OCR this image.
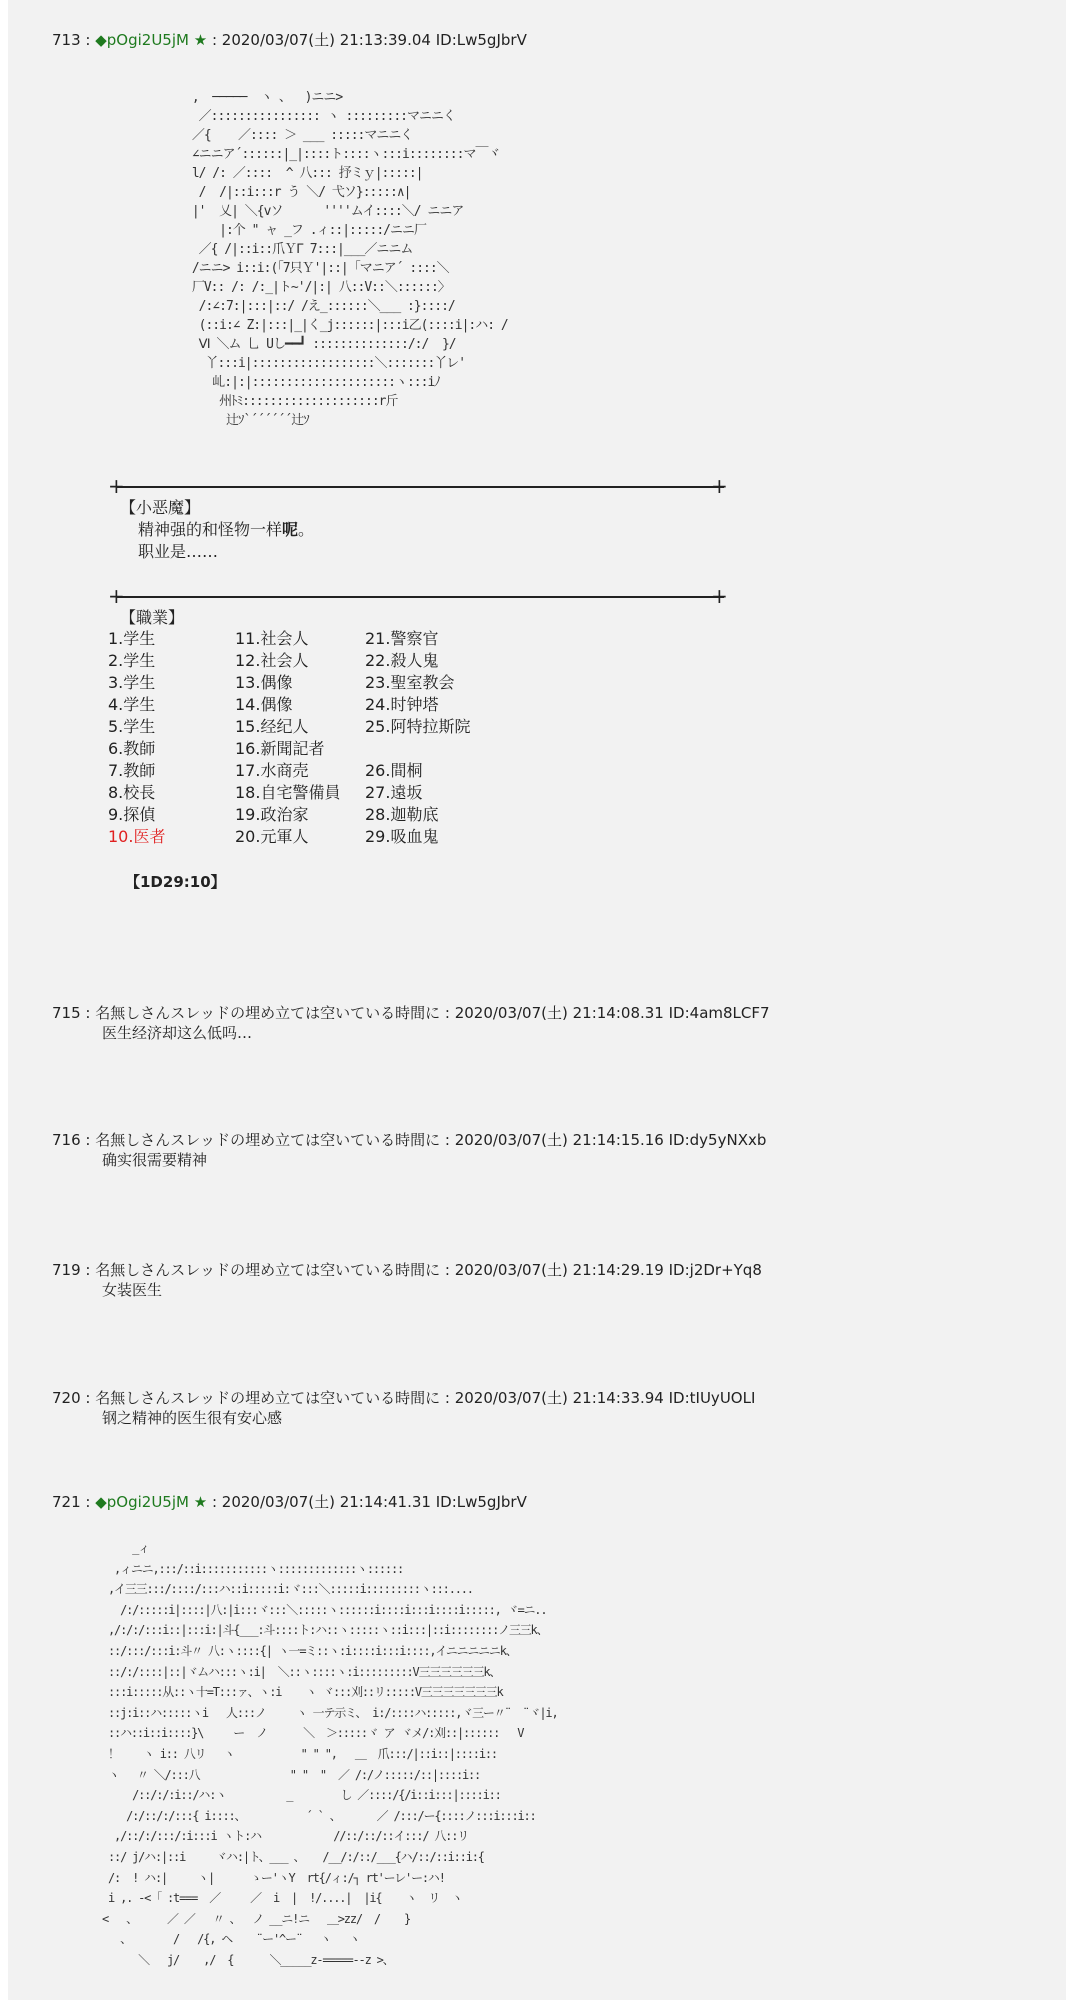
713 : ◆pOgi2U5jM ★ : 2020/03/07(土) 21:13:39.04 ID:Lw5gJbrV
,  ─────  ヽ 、  )ニニ>
／:::::::::::::::: ヽ :::::::::マニニく
／{    ／:::: ＞ ___ :::::マニニく
∠ニニア´::::::|_|::::ト::::ヽ:::i::::::::マ￣ヾ
l/ /: ／::::  ^ 八::: 抒ミｙ|:::::|
/  /|::i:::r う ＼/ 弋ソ}:::::∧|
|'  乂| ＼{vソ      ''''ムイ::::＼/ ニニア
|:个 " ャ _フ .ィ::|:::::/ニニ厂
／{ /|::i::爪ＹΓ 7:::|___／ニニム
/ニニ> i::i:(「7只Ｙ'|::|「マニア´ ::::＼
厂V:: /: /:_|ト~'/|:| 八::V::＼::::::〉
/:∠:7:|:::|::/ /え_::::::＼___ :}::::/
(::i:∠ Z:|:::|_|く_j::::::|:::i乙(::::i|:ハ: /
Ⅵ ＼ム 乚 Uし━━┛ ::::::::::::::/:/  }/
丫:::i|::::::::::::::::::＼:::::::丫レ'
乢:|:|:::::::::::::::::::::ヽ:::iﾉ
州ﾄﾐ::::::::::::::::::::r斤
辻ｿ`´´´´´´辻ｿ
+	+
【小恶魔】
精神强的和怪物一样呢。
职业是……
+	+
【職業】
1.学生	11.社会人	21.警察官
2.学生	12.社会人	22.殺人鬼
3.学生	13.偶像	23.聖室教会
4.学生	14.偶像	24.时钟塔
5.学生	15.经纪人	25.阿特拉斯院
6.教師	16.新聞記者
7.教師	17.水商売	26.間桐
8.校長	18.自宅警備員	27.遠坂
9.探偵	19.政治家	28.迦勒底
10.医者	20.元軍人	29.吸血鬼
【1D29:10】
715 : 名無しさんスレッドの埋め立ては空いている時間に : 2020/03/07(土) 21:14:08.31 ID:4am8LCF7
医生经济却这么低吗…
716 : 名無しさんスレッドの埋め立ては空いている時間に : 2020/03/07(土) 21:14:15.16 ID:dy5yNXxb
确实很需要精神
719 : 名無しさんスレッドの埋め立ては空いている時間に : 2020/03/07(土) 21:14:29.19 ID:j2Dr+Yq8
女装医生
720 : 名無しさんスレッドの埋め立ては空いている時間に : 2020/03/07(土) 21:14:33.94 ID:tIUyUOLI
钢之精神的医生很有安心感
721 : ◆pOgi2U5jM ★ : 2020/03/07(土) 21:14:41.31 ID:Lw5gJbrV
_ィ
,ィニニ,:::/::i:::::::::::ヽ:::::::::::::ヽ::::::
,イ三三:::/::::/:::ハ::i:::::i:ヾ:::＼:::::i:::::::::ヽ:::....
/:/:::::i|::::|八:|i:::ヾ:::＼:::::ヽ::::::i::::i:::i::::i:::::, ヾ=ニ..
,/:/:/:::i::|:::i:|斗{___:斗::::ト:ハ::ヽ:::::ヽ::i:::|::i::::::::ノ三三k、
::/:::/:::i:斗〃 八:ヽ::::{| ヽ一=ミ::ヽ:i::::i:::i::::,イニニニニニk、
::/:/::::|::|ヾムハ:::ヽ:i|  ＼::ヽ::::ヽ:i:::::::::V三三三三三三k、
:::i:::::从::ヽ十=T:::ァ、ヽ:i    ヽ ヾ:::刈::リ:::::V三三三三三三三k
::j:i::ハ:::::ヽi   人:::ノ     ヽ 一テ示ミ、 i:/::::ハ:::::,ヾ三ー〃¨  ¨ヾ|i,
::ハ::i::i::::}\     ー  ノ      ＼  ＞:::::ヾ ア ヾメ/:刈::|::::::   V
！    ヽ i:: 八リ   ヽ           " " ",   ＿  爪:::/|::i::|::::i::
ヽ   〃 ＼/:::八               " "  "  ／ /:/ノ:::::/::|::::i::
/::/:/:i::/ハ:ヽ          _        し ／::::/{/i::i:::|::::i::
/:/::/:/:::{ i::::、          ´ ` 、      ／ /:::/ー{::::ノ:::i:::i::
,/::/:/:::/:i:::i ヽト:ハ            //::/::/::イ:::/ 八::リ
::/ j/ハ:|::i     ヾハ:|ト、___ 、   /__/:/::/___{ハ/::/::i::i:{
/:  ! ハ:|     ヽ|      ゝー'ヽΥ  rt{/ィ:/┐ rt'ーレ'ー:ハ!
i ,. -<「 :t===  ／     ／  i  |  !/....|  |i{    ヽ  リ  ヽ
<   、     ／ ／   〃 、  ノ __ニ!ニ   ＿>zz/  /    }
、       /   /{, ヘ    ¨ー'^ー¨   ヽ   ヽ
＼   j/    ,/  {      ＼_____z-=====--z >、
